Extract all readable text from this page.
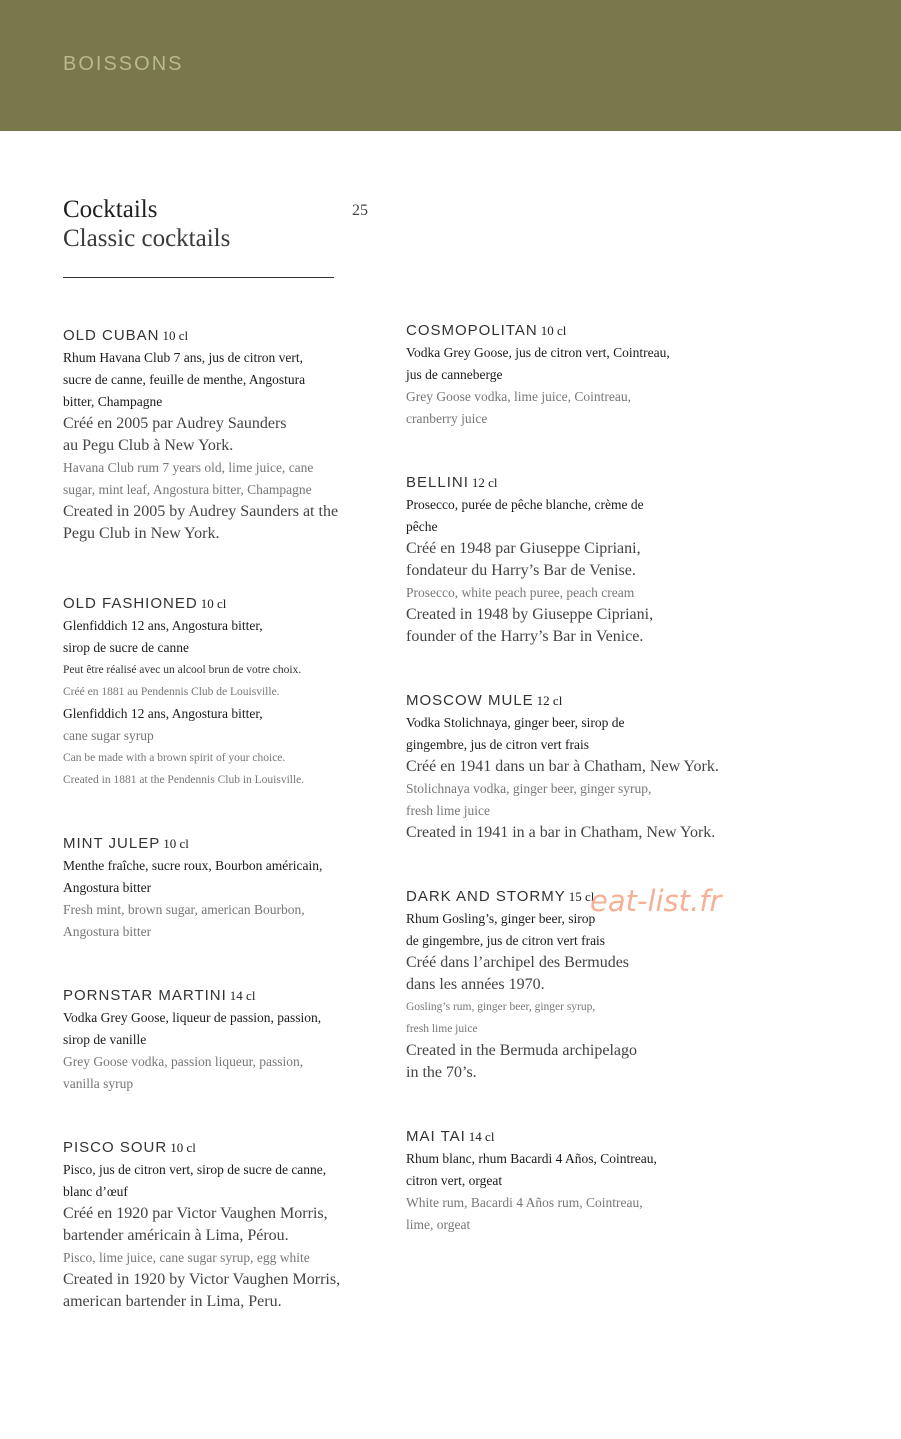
BOISSONS
Cocktails
Classic cocktails
25
OLD CUBAN 10 cl
Rhum Havana Club 7 ans, jus de citron vert,
sucre de canne, feuille de menthe, Angostura
bitter, Champagne
Créé en 2005 par Audrey Saunders
au Pegu Club à New York.
Havana Club rum 7 years old, lime juice, cane
sugar, mint leaf, Angostura bitter, Champagne
Created in 2005 by Audrey Saunders at the
Pegu Club in New York.
OLD FASHIONED 10 cl
Glenfiddich 12 ans, Angostura bitter,
sirop de sucre de canne
Peut être réalisé avec un alcool brun de votre choix.
Créé en 1881 au Pendennis Club de Louisville.
Glenfiddich 12 ans, Angostura bitter,
cane sugar syrup
Can be made with a brown spirit of your choice.
Created in 1881 at the Pendennis Club in Louisville.
MINT JULEP 10 cl
Menthe fraîche, sucre roux, Bourbon américain,
Angostura bitter
Fresh mint, brown sugar, american Bourbon,
Angostura bitter
PORNSTAR MARTINI 14 cl
Vodka Grey Goose, liqueur de passion, passion,
sirop de vanille
Grey Goose vodka, passion liqueur, passion,
vanilla syrup
PISCO SOUR 10 cl
Pisco, jus de citron vert, sirop de sucre de canne,
blanc d’œuf
Créé en 1920 par Victor Vaughen Morris,
bartender américain à Lima, Pérou.
Pisco, lime juice, cane sugar syrup, egg white
Created in 1920 by Victor Vaughen Morris,
american bartender in Lima, Peru.
COSMOPOLITAN 10 cl
Vodka Grey Goose, jus de citron vert, Cointreau,
jus de canneberge
Grey Goose vodka, lime juice, Cointreau,
cranberry juice
BELLINI 12 cl
Prosecco, purée de pêche blanche, crème de
pêche
Créé en 1948 par Giuseppe Cipriani,
fondateur du Harry’s Bar de Venise.
Prosecco, white peach puree, peach cream
Created in 1948 by Giuseppe Cipriani,
founder of the Harry’s Bar in Venice.
MOSCOW MULE 12 cl
Vodka Stolichnaya, ginger beer, sirop de
gingembre, jus de citron vert frais
Créé en 1941 dans un bar à Chatham, New York.
Stolichnaya vodka, ginger beer, ginger syrup,
fresh lime juice
Created in 1941 in a bar in Chatham, New York.
DARK AND STORMY 15 cl
Rhum Gosling’s, ginger beer, sirop
de gingembre, jus de citron vert frais
Créé dans l’archipel des Bermudes
dans les années 1970.
Gosling’s rum, ginger beer, ginger syrup,
fresh lime juice
Created in the Bermuda archipelago
in the 70’s.
MAI TAI 14 cl
Rhum blanc, rhum Bacardi 4 Años, Cointreau,
citron vert, orgeat
White rum, Bacardi 4 Años rum, Cointreau,
lime, orgeat
eat-list.fr
